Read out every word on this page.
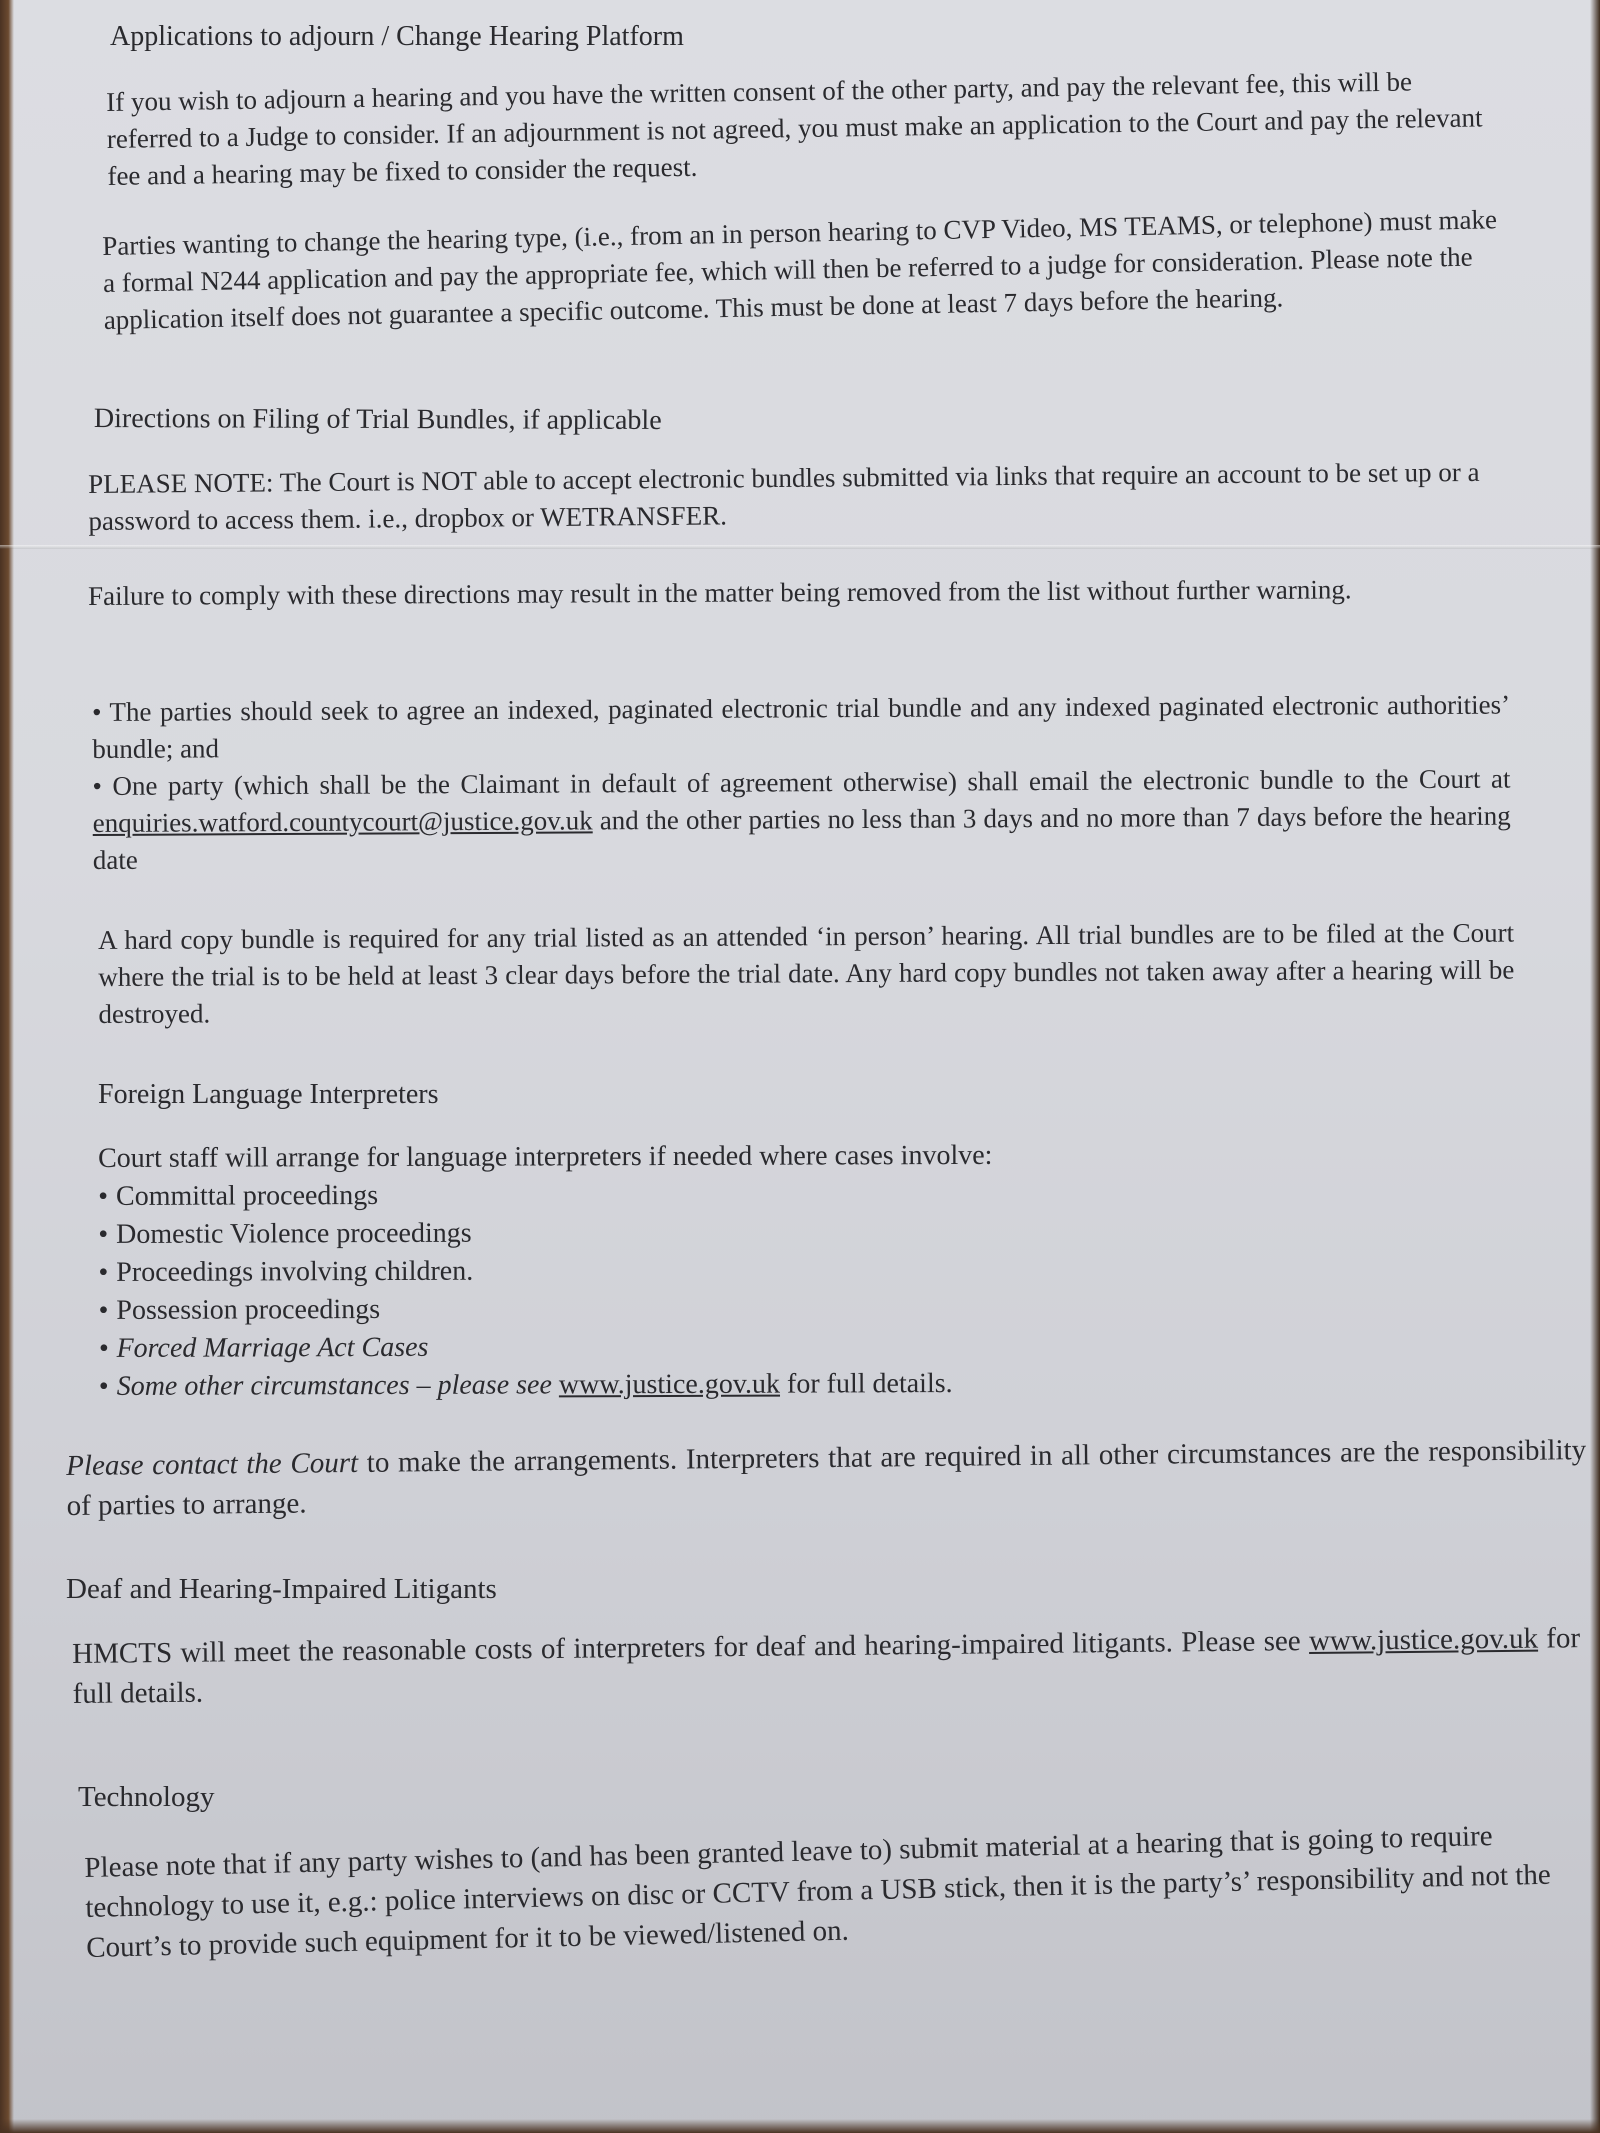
Applications to adjourn / Change Hearing Platform

If you wish to adjourn a hearing and you have the written consent of the other party, and pay the relevant fee, this will be referred to a Judge to consider. If an adjournment is not agreed, you must make an application to the Court and pay the relevant fee and a hearing may be fixed to consider the request.

Parties wanting to change the hearing type, (i.e., from an in person hearing to CVP Video, MS TEAMS, or telephone) must make a formal N244 application and pay the appropriate fee, which will then be referred to a judge for consideration. Please note the application itself does not guarantee a specific outcome. This must be done at least 7 days before the hearing.

Directions on Filing of Trial Bundles, if applicable

PLEASE NOTE: The Court is NOT able to accept electronic bundles submitted via links that require an account to be set up or a password to access them. i.e., dropbox or WETRANSFER.

Failure to comply with these directions may result in the matter being removed from the list without further warning.

• The parties should seek to agree an indexed, paginated electronic trial bundle and any indexed paginated electronic authorities’ bundle; and

• One party (which shall be the Claimant in default of agreement otherwise) shall email the electronic bundle to the Court at enquiries.watford.countycourt@justice.gov.uk and the other parties no less than 3 days and no more than 7 days before the hearing date

A hard copy bundle is required for any trial listed as an attended ‘in person’ hearing. All trial bundles are to be filed at the Court where the trial is to be held at least 3 clear days before the trial date. Any hard copy bundles not taken away after a hearing will be destroyed.

Foreign Language Interpreters

Court staff will arrange for language interpreters if needed where cases involve:

• Committal proceedings
• Domestic Violence proceedings
• Proceedings involving children.
• Possession proceedings
• Forced Marriage Act Cases
• Some other circumstances – please see www.justice.gov.uk for full details.

Please contact the Court to make the arrangements. Interpreters that are required in all other circumstances are the responsibility of parties to arrange.

Deaf and Hearing-Impaired Litigants

HMCTS will meet the reasonable costs of interpreters for deaf and hearing-impaired litigants. Please see www.justice.gov.uk for full details.

Technology

Please note that if any party wishes to (and has been granted leave to) submit material at a hearing that is going to require technology to use it, e.g.: police interviews on disc or CCTV from a USB stick, then it is the party’s’ responsibility and not the Court’s to provide such equipment for it to be viewed/listened on.
